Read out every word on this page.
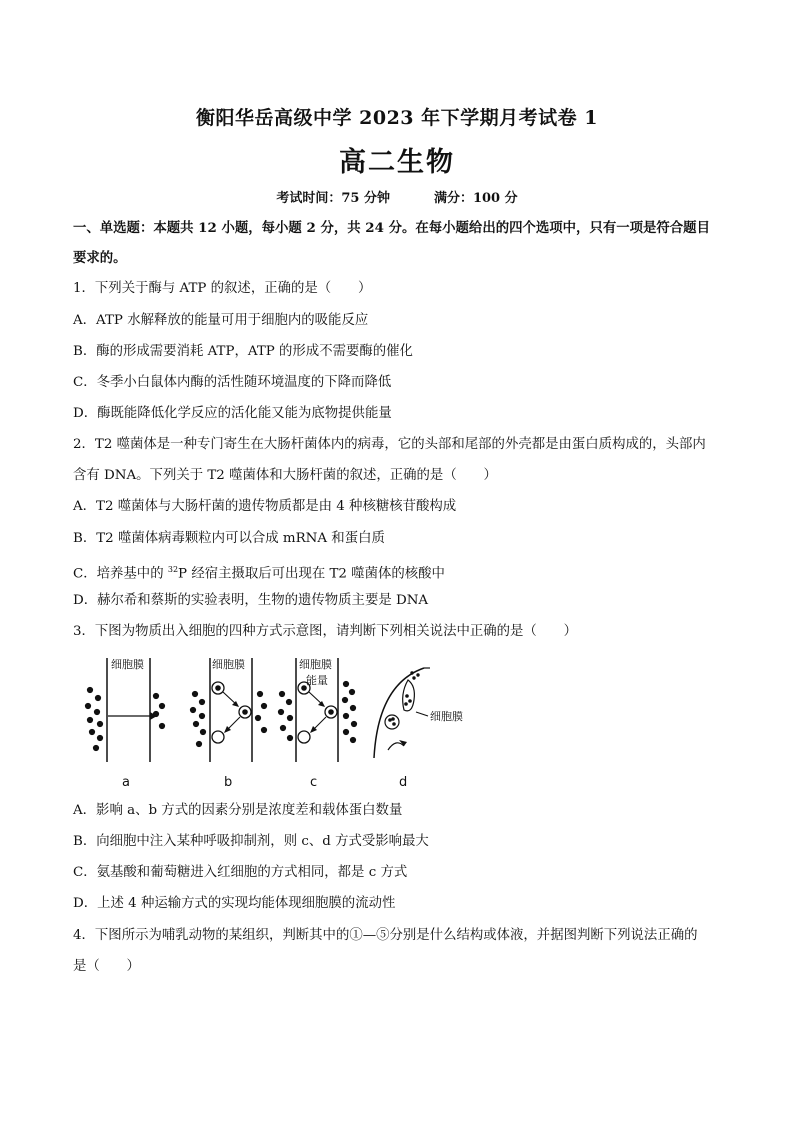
衡阳华岳高级中学 2023 年下学期月考试卷 1
高二生物
考试时间：75 分钟	满分：100 分
一、单选题：本题共 12 小题，每小题 2 分，共 24 分。在每小题给出的四个选项中，只有一项是符合题目
要求的。
1．下列关于酶与 ATP 的叙述，正确的是（　　）
A．ATP 水解释放的能量可用于细胞内的吸能反应
B．酶的形成需要消耗 ATP，ATP 的形成不需要酶的催化
C．冬季小白鼠体内酶的活性随环境温度的下降而降低
D．酶既能降低化学反应的活化能又能为底物提供能量
2．T2 噬菌体是一种专门寄生在大肠杆菌体内的病毒，它的头部和尾部的外壳都是由蛋白质构成的，头部内
含有 DNA。下列关于 T2 噬菌体和大肠杆菌的叙述，正确的是（　　）
A．T2 噬菌体与大肠杆菌的遗传物质都是由 4 种核糖核苷酸构成
B．T2 噬菌体病毒颗粒内可以合成 mRNA 和蛋白质
C．培养基中的 $^{32}$P 经宿主摄取后可出现在 T2 噬菌体的核酸中
D．赫尔希和蔡斯的实验表明，生物的遗传物质主要是 DNA
3．下图为物质出入细胞的四种方式示意图，请判断下列相关说法中正确的是（　　）
细胞膜
a
细胞膜
b
细胞膜
能量
c
细胞膜
d
A．影响 a、b 方式的因素分别是浓度差和载体蛋白数量
B．向细胞中注入某种呼吸抑制剂，则 c、d 方式受影响最大
C．氨基酸和葡萄糖进入红细胞的方式相同，都是 c 方式
D．上述 4 种运输方式的实现均能体现细胞膜的流动性
4．下图所示为哺乳动物的某组织，判断其中的①—⑤分别是什么结构或体液，并据图判断下列说法正确的
是（　　）
